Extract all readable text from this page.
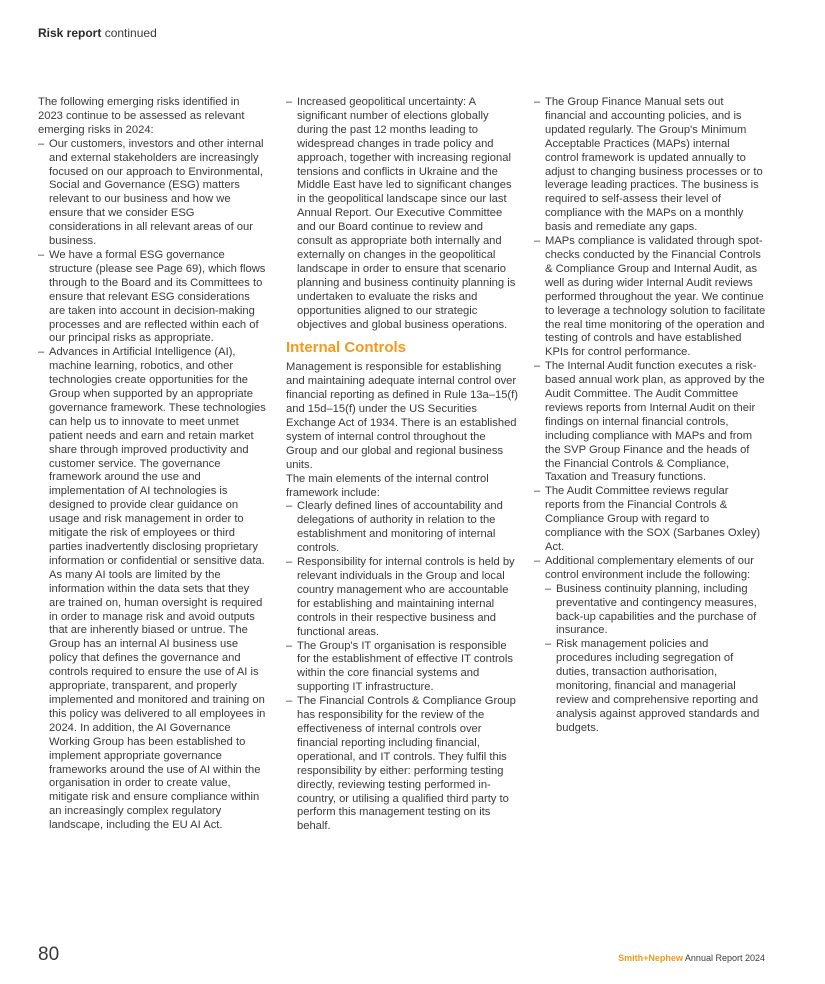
Risk report continued

The following emerging risks identified in 2023 continue to be assessed as relevant emerging risks in 2024:

– Our customers, investors and other internal and external stakeholders are increasingly focused on our approach to Environmental, Social and Governance (ESG) matters relevant to our business and how we ensure that we consider ESG considerations in all relevant areas of our business.
– We have a formal ESG governance structure (please see Page 69), which flows through to the Board and its Committees to ensure that relevant ESG considerations are taken into account in decision-making processes and are reflected within each of our principal risks as appropriate.
– Advances in Artificial Intelligence (AI), machine learning, robotics, and other technologies create opportunities for the Group when supported by an appropriate governance framework. These technologies can help us to innovate to meet unmet patient needs and earn and retain market share through improved productivity and customer service. The governance framework around the use and implementation of AI technologies is designed to provide clear guidance on usage and risk management in order to mitigate the risk of employees or third parties inadvertently disclosing proprietary information or confidential or sensitive data. As many AI tools are limited by the information within the data sets that they are trained on, human oversight is required in order to manage risk and avoid outputs that are inherently biased or untrue. The Group has an internal AI business use policy that defines the governance and controls required to ensure the use of AI is appropriate, transparent, and properly implemented and monitored and training on this policy was delivered to all employees in 2024. In addition, the AI Governance Working Group has been established to implement appropriate governance frameworks around the use of AI within the organisation in order to create value, mitigate risk and ensure compliance within an increasingly complex regulatory landscape, including the EU AI Act.
– Increased geopolitical uncertainty: A significant number of elections globally during the past 12 months leading to widespread changes in trade policy and approach, together with increasing regional tensions and conflicts in Ukraine and the Middle East have led to significant changes in the geopolitical landscape since our last Annual Report. Our Executive Committee and our Board continue to review and consult as appropriate both internally and externally on changes in the geopolitical landscape in order to ensure that scenario planning and business continuity planning is undertaken to evaluate the risks and opportunities aligned to our strategic objectives and global business operations.
Internal Controls

Management is responsible for establishing and maintaining adequate internal control over financial reporting as defined in Rule 13a–15(f) and 15d–15(f) under the US Securities Exchange Act of 1934. There is an established system of internal control throughout the Group and our global and regional business units.

The main elements of the internal control framework include:

– Clearly defined lines of accountability and delegations of authority in relation to the establishment and monitoring of internal controls.
– Responsibility for internal controls is held by relevant individuals in the Group and local country management who are accountable for establishing and maintaining internal controls in their respective business and functional areas.
– The Group's IT organisation is responsible for the establishment of effective IT controls within the core financial systems and supporting IT infrastructure.
– The Financial Controls & Compliance Group has responsibility for the review of the effectiveness of internal controls over financial reporting including financial, operational, and IT controls. They fulfil this responsibility by either: performing testing directly, reviewing testing performed in-country, or utilising a qualified third party to perform this management testing on its behalf.
– The Group Finance Manual sets out financial and accounting policies, and is updated regularly. The Group's Minimum Acceptable Practices (MAPs) internal control framework is updated annually to adjust to changing business processes or to leverage leading practices. The business is required to self-assess their level of compliance with the MAPs on a monthly basis and remediate any gaps.
– MAPs compliance is validated through spot-checks conducted by the Financial Controls & Compliance Group and Internal Audit, as well as during wider Internal Audit reviews performed throughout the year. We continue to leverage a technology solution to facilitate the real time monitoring of the operation and testing of controls and have established KPIs for control performance.
– The Internal Audit function executes a risk-based annual work plan, as approved by the Audit Committee. The Audit Committee reviews reports from Internal Audit on their findings on internal financial controls, including compliance with MAPs and from the SVP Group Finance and the heads of the Financial Controls & Compliance, Taxation and Treasury functions.
– The Audit Committee reviews regular reports from the Financial Controls & Compliance Group with regard to compliance with the SOX (Sarbanes Oxley) Act.
– Additional complementary elements of our control environment include the following:
– Business continuity planning, including preventative and contingency measures, back-up capabilities and the purchase of insurance.
– Risk management policies and procedures including segregation of duties, transaction authorisation, monitoring, financial and managerial review and comprehensive reporting and analysis against approved standards and budgets.
80	Smith+Nephew Annual Report 2024
